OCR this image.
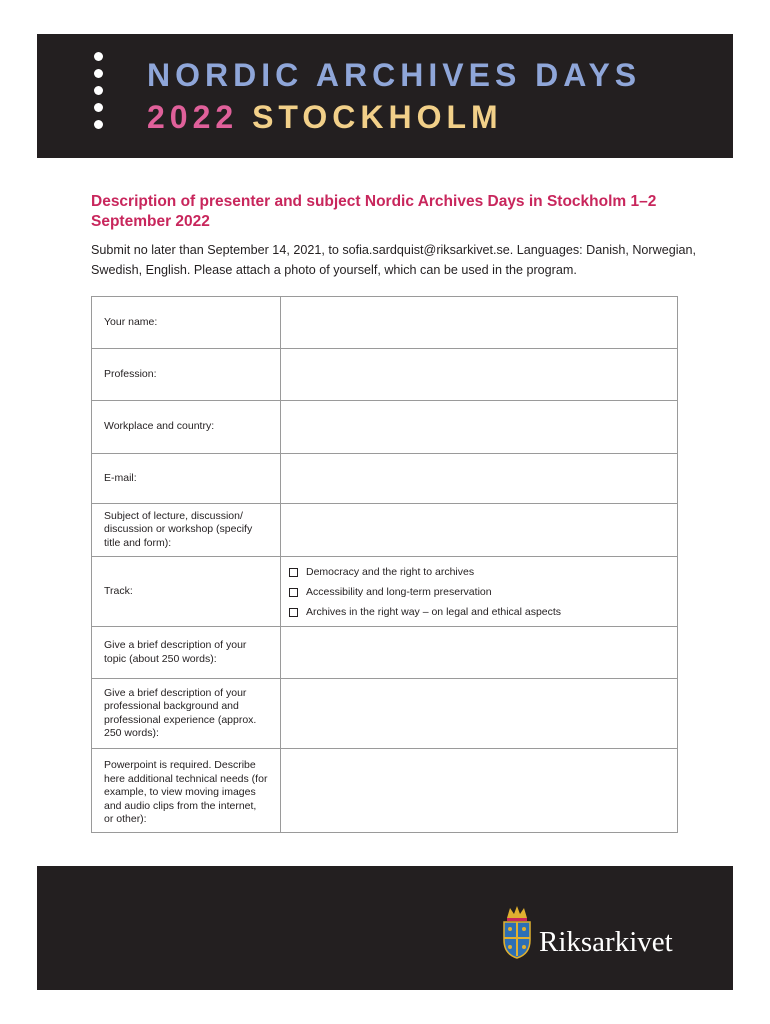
NORDIC ARCHIVES DAYS
2022 STOCKHOLM
Description of presenter and subject Nordic Archives Days in Stockholm 1–2 September 2022
Submit no later than September 14, 2021, to sofia.sardquist@riksarkivet.se. Languages: Danish, Norwegian, Swedish, English. Please attach a photo of yourself, which can be used in the program.
Your name:
Profession:
Workplace and country:
E-mail:
Subject of lecture, discussion/ discussion or workshop (specify title and form):
Track:
Democracy and the right to archives
Accessibility and long-term preservation
Archives in the right way – on legal and ethical aspects
Give a brief description of your topic (about 250 words):
Give a brief description of your professional background and professional experience (approx. 250 words):
Powerpoint is required. Describe here additional technical needs (for example, to view moving images and audio clips from the internet, or other):
Riksarkivet
